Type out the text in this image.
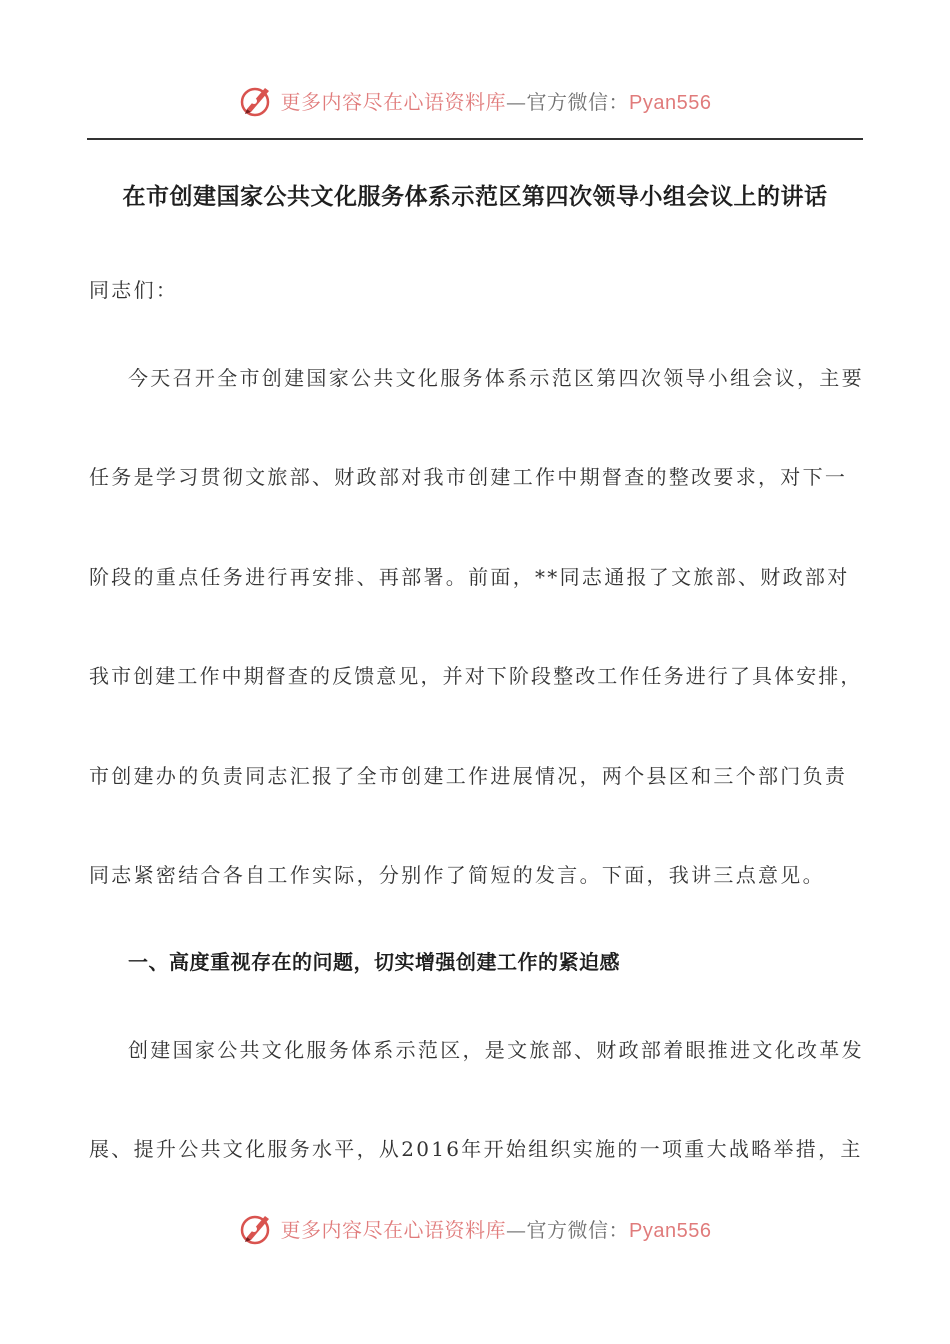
更多内容尽在心语资料库—官方微信：Pyan556
在市创建国家公共文化服务体系示范区第四次领导小组会议上的讲话
同志们：
今天召开全市创建国家公共文化服务体系示范区第四次领导小组会议，主要
任务是学习贯彻文旅部、财政部对我市创建工作中期督查的整改要求，对下一
阶段的重点任务进行再安排、再部署。前面，**同志通报了文旅部、财政部对
我市创建工作中期督查的反馈意见，并对下阶段整改工作任务进行了具体安排，
市创建办的负责同志汇报了全市创建工作进展情况，两个县区和三个部门负责
同志紧密结合各自工作实际，分别作了简短的发言。下面，我讲三点意见。
一、高度重视存在的问题，切实增强创建工作的紧迫感
创建国家公共文化服务体系示范区，是文旅部、财政部着眼推进文化改革发
展、提升公共文化服务水平，从2016年开始组织实施的一项重大战略举措，主
更多内容尽在心语资料库—官方微信：Pyan556
